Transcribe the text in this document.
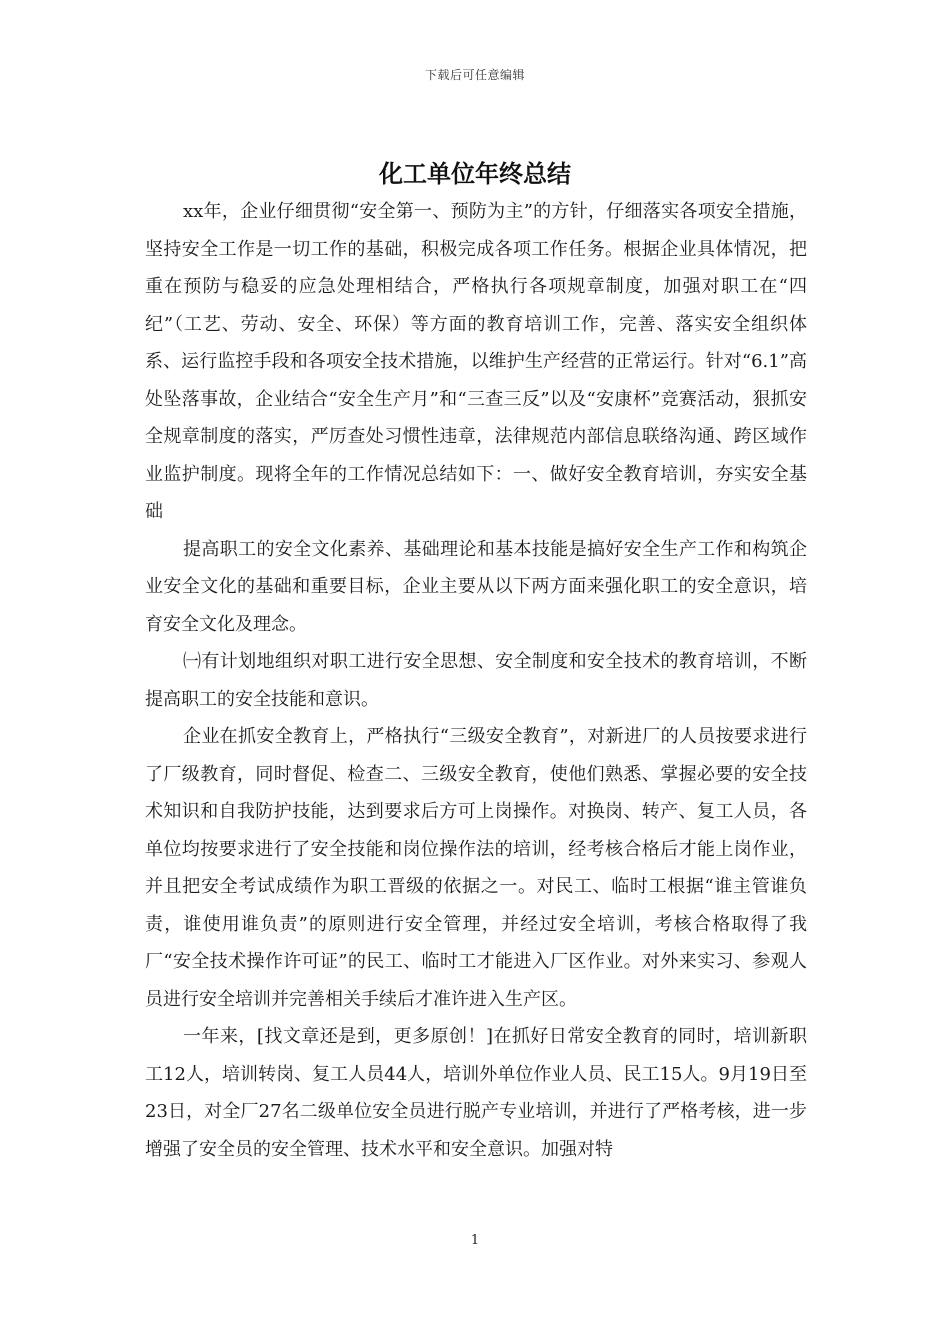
下载后可任意编辑
化工单位年终总结

xx年，企业仔细贯彻“安全第一、预防为主”的方针，仔细落实各项安全措施，坚持安全工作是一切工作的基础，积极完成各项工作任务。根据企业具体情况，把重在预防与稳妥的应急处理相结合，严格执行各项规章制度，加强对职工在“四纪”（工艺、劳动、安全、环保）等方面的教育培训工作，完善、落实安全组织体系、运行监控手段和各项安全技术措施，以维护生产经营的正常运行。针对“6.1”高处坠落事故，企业结合“安全生产月”和“三查三反”以及“安康杯”竞赛活动，狠抓安全规章制度的落实，严厉查处习惯性违章，法律规范内部信息联络沟通、跨区域作业监护制度。现将全年的工作情况总结如下：一、做好安全教育培训，夯实安全基础

提高职工的安全文化素养、基础理论和基本技能是搞好安全生产工作和构筑企业安全文化的基础和重要目标，企业主要从以下两方面来强化职工的安全意识，培育安全文化及理念。

㈠有计划地组织对职工进行安全思想、安全制度和安全技术的教育培训，不断提高职工的安全技能和意识。

企业在抓安全教育上，严格执行“三级安全教育”，对新进厂的人员按要求进行了厂级教育，同时督促、检查二、三级安全教育，使他们熟悉、掌握必要的安全技术知识和自我防护技能，达到要求后方可上岗操作。对换岗、转产、复工人员，各单位均按要求进行了安全技能和岗位操作法的培训，经考核合格后才能上岗作业，并且把安全考试成绩作为职工晋级的依据之一。对民工、临时工根据“谁主管谁负责，谁使用谁负责”的原则进行安全管理，并经过安全培训，考核合格取得了我厂“安全技术操作许可证”的民工、临时工才能进入厂区作业。对外来实习、参观人员进行安全培训并完善相关手续后才准许进入生产区。

一年来，[找文章还是到，更多原创！]在抓好日常安全教育的同时，培训新职工12人，培训转岗、复工人员44人，培训外单位作业人员、民工15人。9月19日至23日，对全厂27名二级单位安全员进行脱产专业培训，并进行了严格考核，进一步增强了安全员的安全管理、技术水平和安全意识。加强对特

1
